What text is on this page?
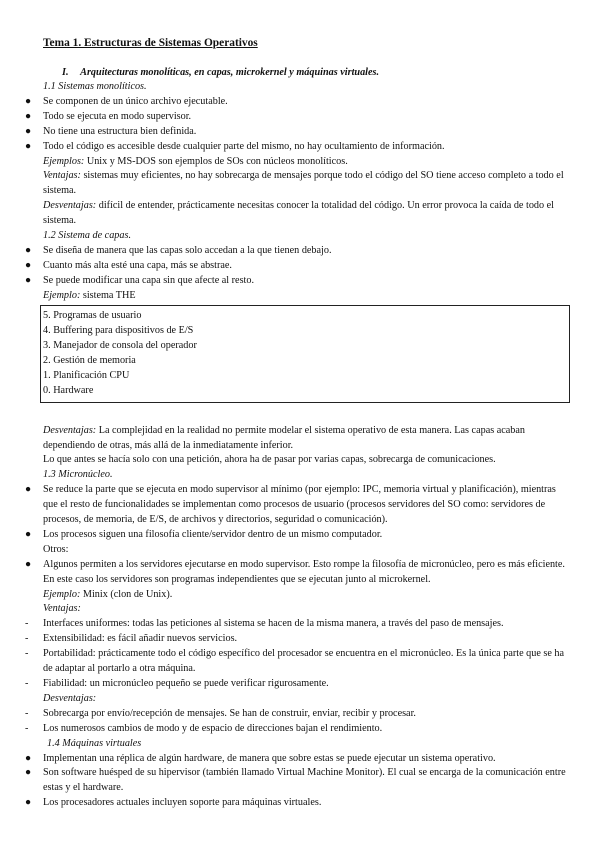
Tema 1. Estructuras de Sistemas Operativos
I. Arquitecturas monolíticas, en capas, microkernel y máquinas virtuales.
1.1 Sistemas monolíticos.
● Se componen de un único archivo ejecutable.
● Todo se ejecuta en modo supervisor.
● No tiene una estructura bien definida.
● Todo el código es accesible desde cualquier parte del mismo, no hay ocultamiento de información.
Ejemplos: Unix y MS-DOS son ejemplos de SOs con núcleos monolíticos.
Ventajas: sistemas muy eficientes, no hay sobrecarga de mensajes porque todo el código del SO tiene acceso completo a todo el sistema.
Desventajas: difícil de entender, prácticamente necesitas conocer la totalidad del código. Un error provoca la caída de todo el sistema.
1.2 Sistema de capas.
● Se diseña de manera que las capas solo accedan a la que tienen debajo.
● Cuanto más alta esté una capa, más se abstrae.
● Se puede modificar una capa sin que afecte al resto.
Ejemplo: sistema THE
5. Programas de usuario
4. Buffering para dispositivos de E/S
3. Manejador de consola del operador
2. Gestión de memoria
1. Planificación CPU
0. Hardware
Desventajas: La complejidad en la realidad no permite modelar el sistema operativo de esta manera. Las capas acaban dependiendo de otras, más allá de la inmediatamente inferior.
Lo que antes se hacía solo con una petición, ahora ha de pasar por varias capas, sobrecarga de comunicaciones.
1.3 Micronúcleo.
● Se reduce la parte que se ejecuta en modo supervisor al mínimo (por ejemplo: IPC, memoria virtual y planificación), mientras que el resto de funcionalidades se implementan como procesos de usuario (procesos servidores del SO como: servidores de procesos, de memoria, de E/S, de archivos y directorios, seguridad o comunicación).
● Los procesos siguen una filosofía cliente/servidor dentro de un mismo computador.
Otros:
● Algunos permiten a los servidores ejecutarse en modo supervisor. Esto rompe la filosofía de micronúcleo, pero es más eficiente. En este caso los servidores son programas independientes que se ejecutan junto al microkernel.
Ejemplo: Minix (clon de Unix).
Ventajas:
- Interfaces uniformes: todas las peticiones al sistema se hacen de la misma manera, a través del paso de mensajes.
- Extensibilidad: es fácil añadir nuevos servicios.
- Portabilidad: prácticamente todo el código específico del procesador se encuentra en el micronúcleo. Es la única parte que se ha de adaptar al portarlo a otra máquina.
- Fiabilidad: un micronúcleo pequeño se puede verificar rigurosamente.
Desventajas:
- Sobrecarga por envío/recepción de mensajes. Se han de construir, enviar, recibir y procesar.
- Los numerosos cambios de modo y de espacio de direcciones bajan el rendimiento.
1.4 Máquinas virtuales
● Implementan una réplica de algún hardware, de manera que sobre estas se puede ejecutar un sistema operativo.
● Son software huésped de su hipervisor (también llamado Virtual Machine Monitor). El cual se encarga de la comunicación entre estas y el hardware.
● Los procesadores actuales incluyen soporte para máquinas virtuales.
